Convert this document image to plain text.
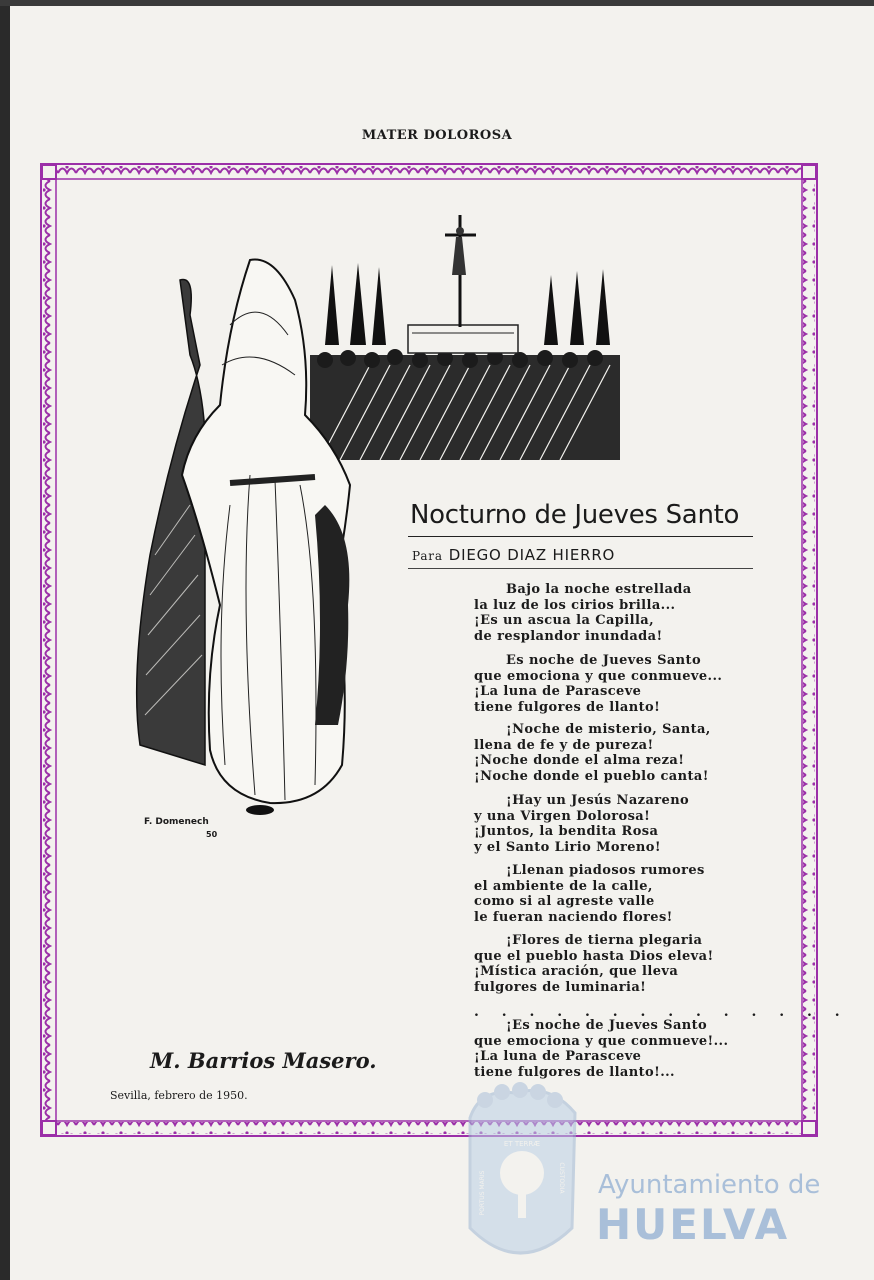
MATER DOLOROSA
F. Domenech
50
Nocturno de Jueves Santo
Para DIEGO DIAZ HIERRO
Bajo la noche estrellada
la luz de los cirios brilla...
¡Es un ascua la Capilla,
de resplandor inundada!
Es noche de Jueves Santo
que emociona y que conmueve...
¡La luna de Parasceve
tiene fulgores de llanto!
¡Noche de misterio, Santa,
llena de fe y de pureza!
¡Noche donde el alma reza!
¡Noche donde el pueblo canta!
¡Hay un Jesús Nazareno
y una Virgen Dolorosa!
¡Juntos, la bendita Rosa
y el Santo Lirio Moreno!
¡Llenan piadosos rumores
el ambiente de la calle,
como si al agreste valle
le fueran naciendo flores!
¡Flores de tierna plegaria
que el pueblo hasta Dios eleva!
¡Mística aración, que lleva
fulgores de luminaria!
. . . . . . . . . . . . . .
¡Es noche de Jueves Santo
que emociona y que conmueve!...
¡La luna de Parasceve
tiene fulgores de llanto!...
M. Barrios Masero.
Sevilla, febrero de 1950.
ET TERRÆ
PORTUS MARIS	CUSTODIA Ayuntamiento de
HUELVA
